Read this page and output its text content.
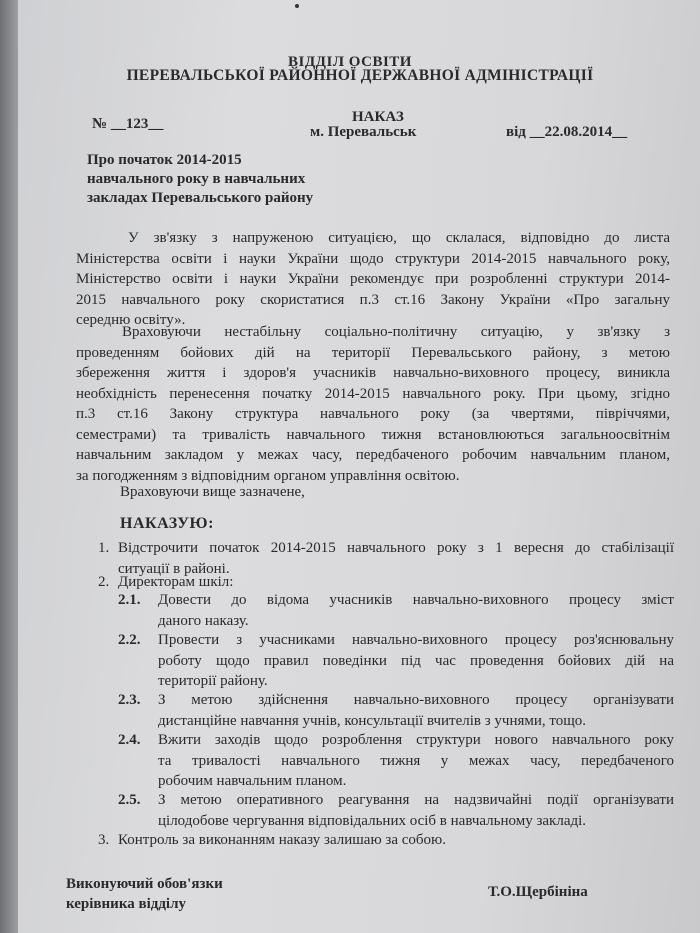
ВІДДІЛ ОСВІТИ
ПЕРЕВАЛЬСЬКОЇ РАЙОННОЇ ДЕРЖАВНОЇ АДМІНІСТРАЦІЇ
№ __123__	НАКАЗ
м. Перевальськ	від __22.08.2014__
Про початок 2014-2015
навчального року в навчальних
закладах Перевальського району
У зв'язку з напруженою ситуацією, що склалася, відповідно до листа
Міністерства освіти і науки України щодо структури 2014-2015 навчального року,
Міністерство освіти і науки України рекомендує при розробленні структури 2014-
2015 навчального року скористатися п.3 ст.16 Закону України «Про загальну
середню освіту».
Враховуючи нестабільну соціально-політичну ситуацію, у зв'язку з
проведенням бойових дій на території Перевальського району, з метою
збереження життя і здоров'я учасників навчально-виховного процесу, виникла
необхідність перенесення початку 2014-2015 навчального року. При цьому, згідно
п.3 ст.16 Закону структура навчального року (за чвертями, півріччями,
семестрами) та тривалість навчального тижня встановлюються загальноосвітнім
навчальним закладом у межах часу, передбаченого робочим навчальним планом,
за погодженням з відповідним органом управління освітою.
Враховуючи вище зазначене,
НАКАЗУЮ:
1. Відстрочити початок 2014-2015 навчального року з 1 вересня до стабілізації
ситуації в районі.
2. Директорам шкіл:
2.1. Довести до відома учасників навчально-виховного процесу зміст
даного наказу.
2.2. Провести з учасниками навчально-виховного процесу роз'яснювальну
роботу щодо правил поведінки під час проведення бойових дій на
території району.
2.3. З метою здійснення навчально-виховного процесу організувати
дистанційне навчання учнів, консультації вчителів з учнями, тощо.
2.4. Вжити заходів щодо розроблення структури нового навчального року
та тривалості навчального тижня у межах часу, передбаченого
робочим навчальним планом.
2.5. З метою оперативного реагування на надзвичайні події організувати
цілодобове чергування відповідальних осіб в навчальному закладі.
3. Контроль за виконанням наказу залишаю за собою.
Виконуючий обов'язки
керівника відділу
Т.О.Щербініна
